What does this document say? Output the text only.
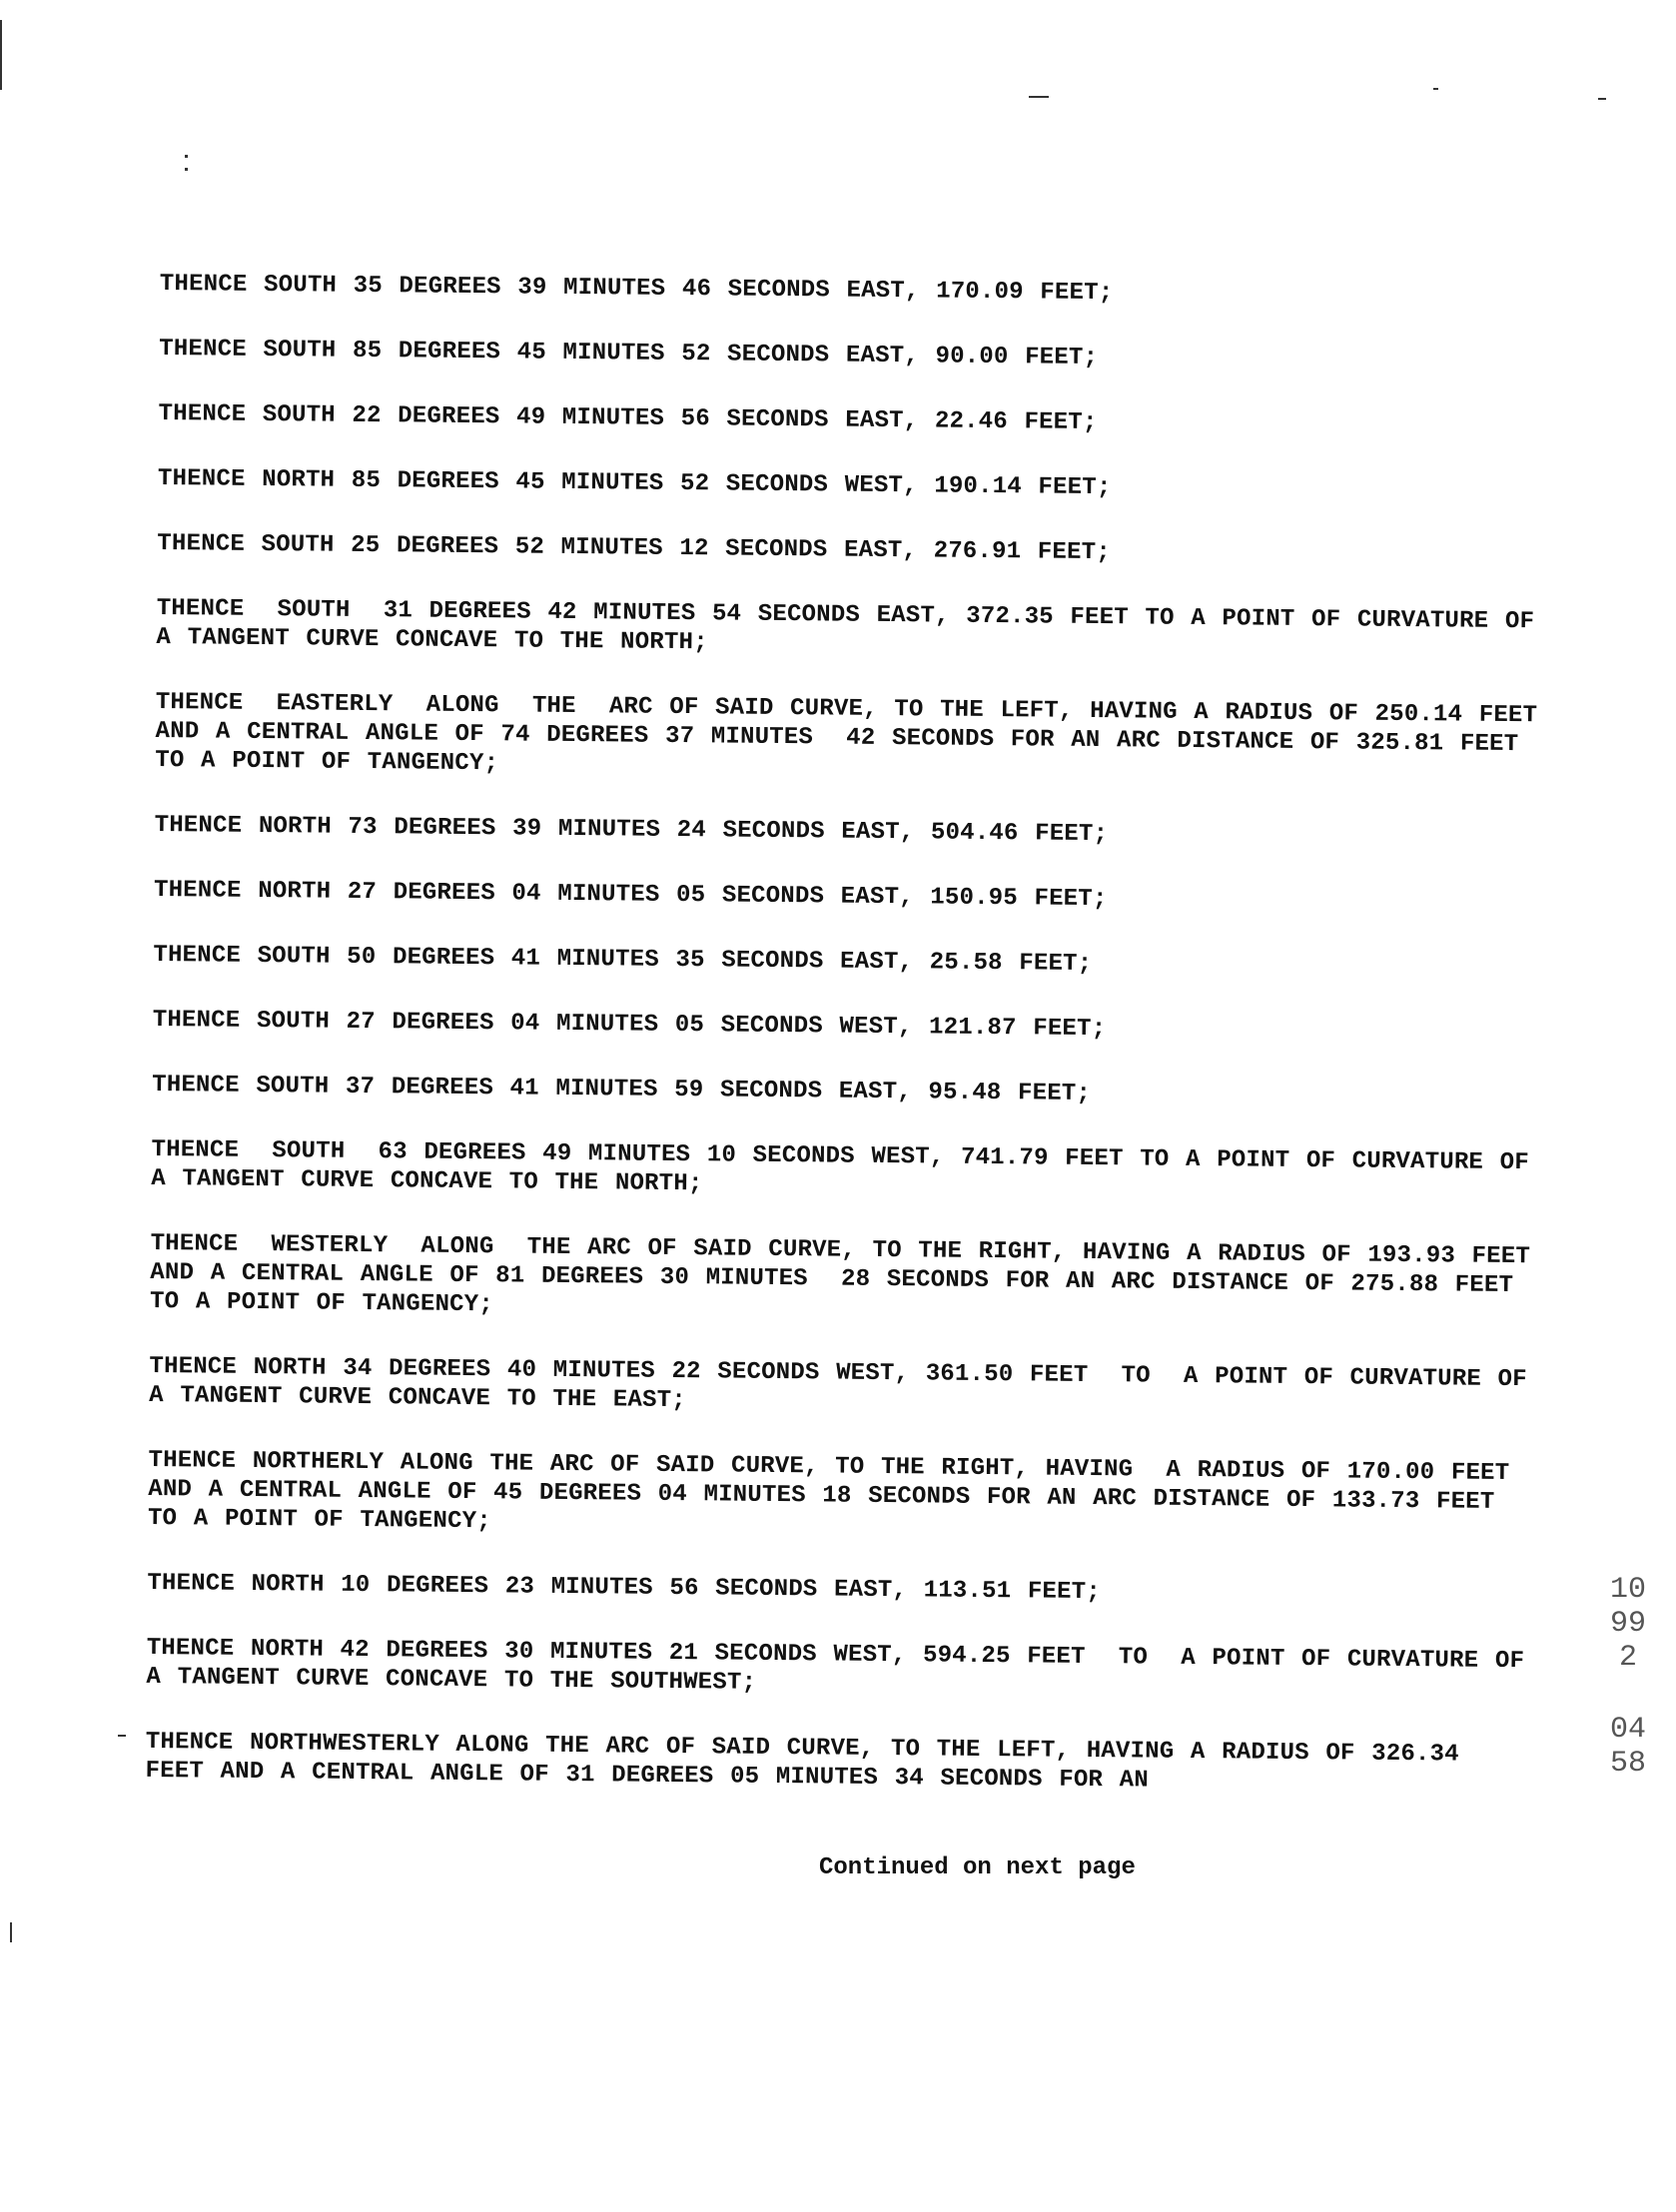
THENCE SOUTH 35 DEGREES 39 MINUTES 46 SECONDS EAST, 170.09 FEET;

THENCE SOUTH 85 DEGREES 45 MINUTES 52 SECONDS EAST, 90.00 FEET;

THENCE SOUTH 22 DEGREES 49 MINUTES 56 SECONDS EAST, 22.46 FEET;

THENCE NORTH 85 DEGREES 45 MINUTES 52 SECONDS WEST, 190.14 FEET;

THENCE SOUTH 25 DEGREES 52 MINUTES 12 SECONDS EAST, 276.91 FEET;

THENCE  SOUTH  31 DEGREES 42 MINUTES 54 SECONDS EAST, 372.35 FEET TO A POINT OF CURVATURE OF A TANGENT CURVE CONCAVE TO THE NORTH;

THENCE  EASTERLY  ALONG  THE  ARC OF SAID CURVE, TO THE LEFT, HAVING A RADIUS OF 250.14 FEET AND A CENTRAL ANGLE OF 74 DEGREES 37 MINUTES  42 SECONDS FOR AN ARC DISTANCE OF 325.81 FEET TO A POINT OF TANGENCY;

THENCE NORTH 73 DEGREES 39 MINUTES 24 SECONDS EAST, 504.46 FEET;

THENCE NORTH 27 DEGREES 04 MINUTES 05 SECONDS EAST, 150.95 FEET;

THENCE SOUTH 50 DEGREES 41 MINUTES 35 SECONDS EAST, 25.58 FEET;

THENCE SOUTH 27 DEGREES 04 MINUTES 05 SECONDS WEST, 121.87 FEET;

THENCE SOUTH 37 DEGREES 41 MINUTES 59 SECONDS EAST, 95.48 FEET;

THENCE  SOUTH  63 DEGREES 49 MINUTES 10 SECONDS WEST, 741.79 FEET TO A POINT OF CURVATURE OF A TANGENT CURVE CONCAVE TO THE NORTH;

THENCE  WESTERLY  ALONG  THE ARC OF SAID CURVE, TO THE RIGHT, HAVING A RADIUS OF 193.93 FEET AND A CENTRAL ANGLE OF 81 DEGREES 30 MINUTES  28 SECONDS FOR AN ARC DISTANCE OF 275.88 FEET TO A POINT OF TANGENCY;

THENCE NORTH 34 DEGREES 40 MINUTES 22 SECONDS WEST, 361.50 FEET  TO  A POINT OF CURVATURE OF A TANGENT CURVE CONCAVE TO THE EAST;

THENCE NORTHERLY ALONG THE ARC OF SAID CURVE, TO THE RIGHT, HAVING  A RADIUS OF 170.00 FEET AND A CENTRAL ANGLE OF 45 DEGREES 04 MINUTES 18 SECONDS FOR AN ARC DISTANCE OF 133.73 FEET TO A POINT OF TANGENCY;

THENCE NORTH 10 DEGREES 23 MINUTES 56 SECONDS EAST, 113.51 FEET;

THENCE NORTH 42 DEGREES 30 MINUTES 21 SECONDS WEST, 594.25 FEET  TO  A POINT OF CURVATURE OF A TANGENT CURVE CONCAVE TO THE SOUTHWEST;

THENCE NORTHWESTERLY ALONG THE ARC OF SAID CURVE, TO THE LEFT, HAVING A RADIUS OF 326.34 FEET AND A CENTRAL ANGLE OF 31 DEGREES 05 MINUTES 34 SECONDS FOR AN

Continued on next page
10992
0458
